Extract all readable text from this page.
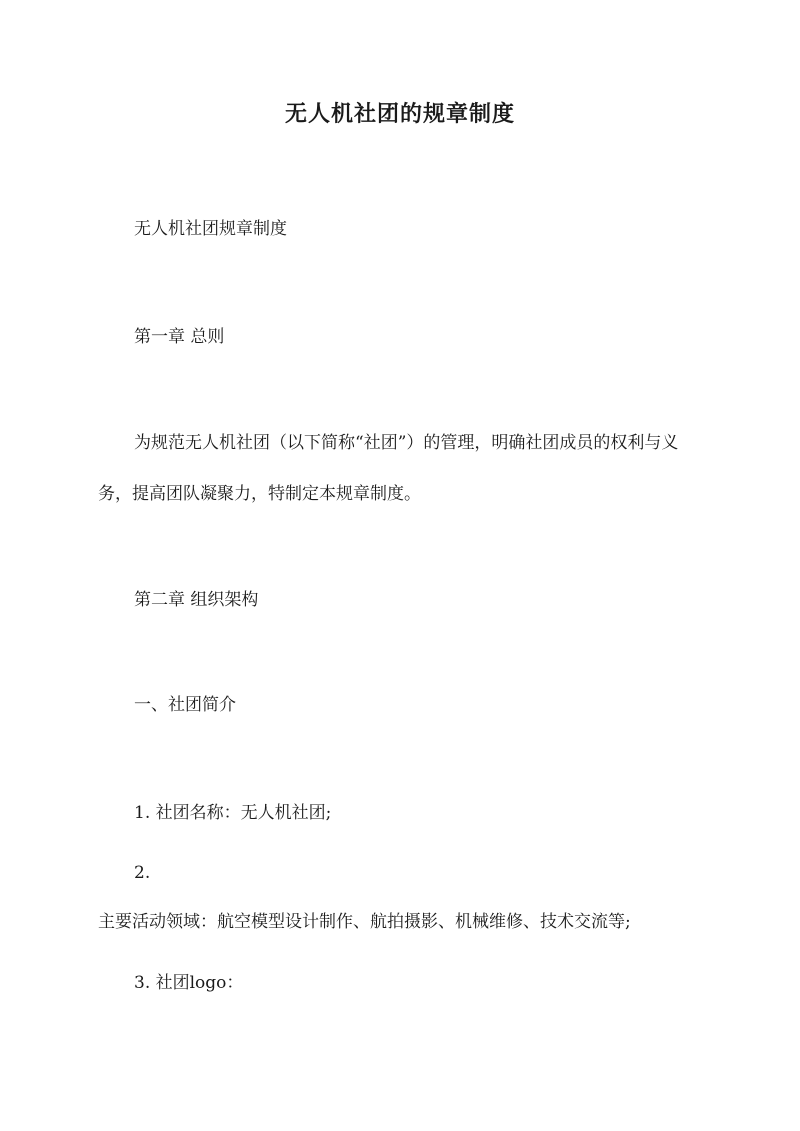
无人机社团的规章制度
无人机社团规章制度
第一章 总则
为规范无人机社团（以下简称“社团”）的管理，明确社团成员的权利与义务，提高团队凝聚力，特制定本规章制度。
第二章 组织架构
一、社团简介
1. 社团名称：无人机社团;
2.
主要活动领域：航空模型设计制作、航拍摄影、机械维修、技术交流等;
3. 社团logo：
